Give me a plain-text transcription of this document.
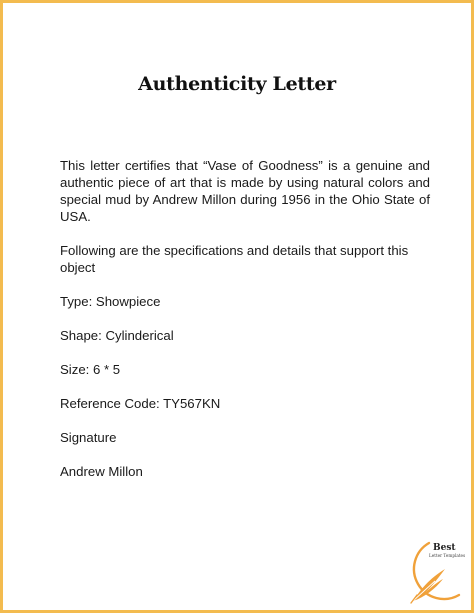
Authenticity Letter

This letter certifies that “Vase of Goodness” is a genuine and authentic piece of art that is made by using natural colors and special mud by Andrew Millon during 1956 in the Ohio State of USA.

Following are the specifications and details that support this object

Type: Showpiece

Shape: Cylinderical

Size: 6 * 5

Reference Code: TY567KN

Signature

Andrew Millon

Best
Letter Templates
